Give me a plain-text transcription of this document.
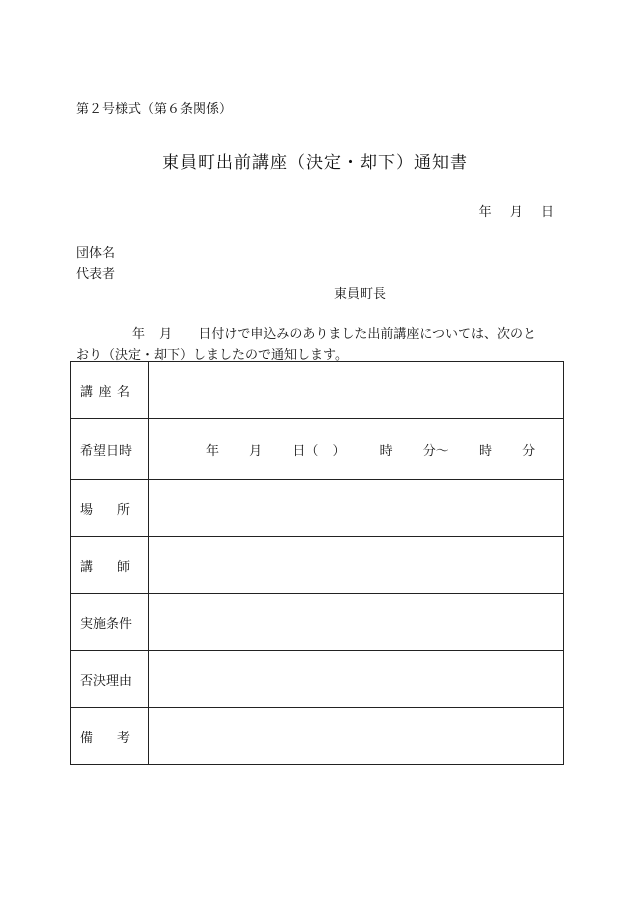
第２号様式（第６条関係）
東員町出前講座（決定・却下）通知書
年 月 日
団体名
代表者
東員町長
年 月 日付けで申込みのありました出前講座については、次のと
おり（決定・却下）しましたので通知します。
講 座 名	

希望日時	年 月 日（ ） 時 分～ 時 分

場 所	

講 師	

実施条件	
否決理由	

備 考	
